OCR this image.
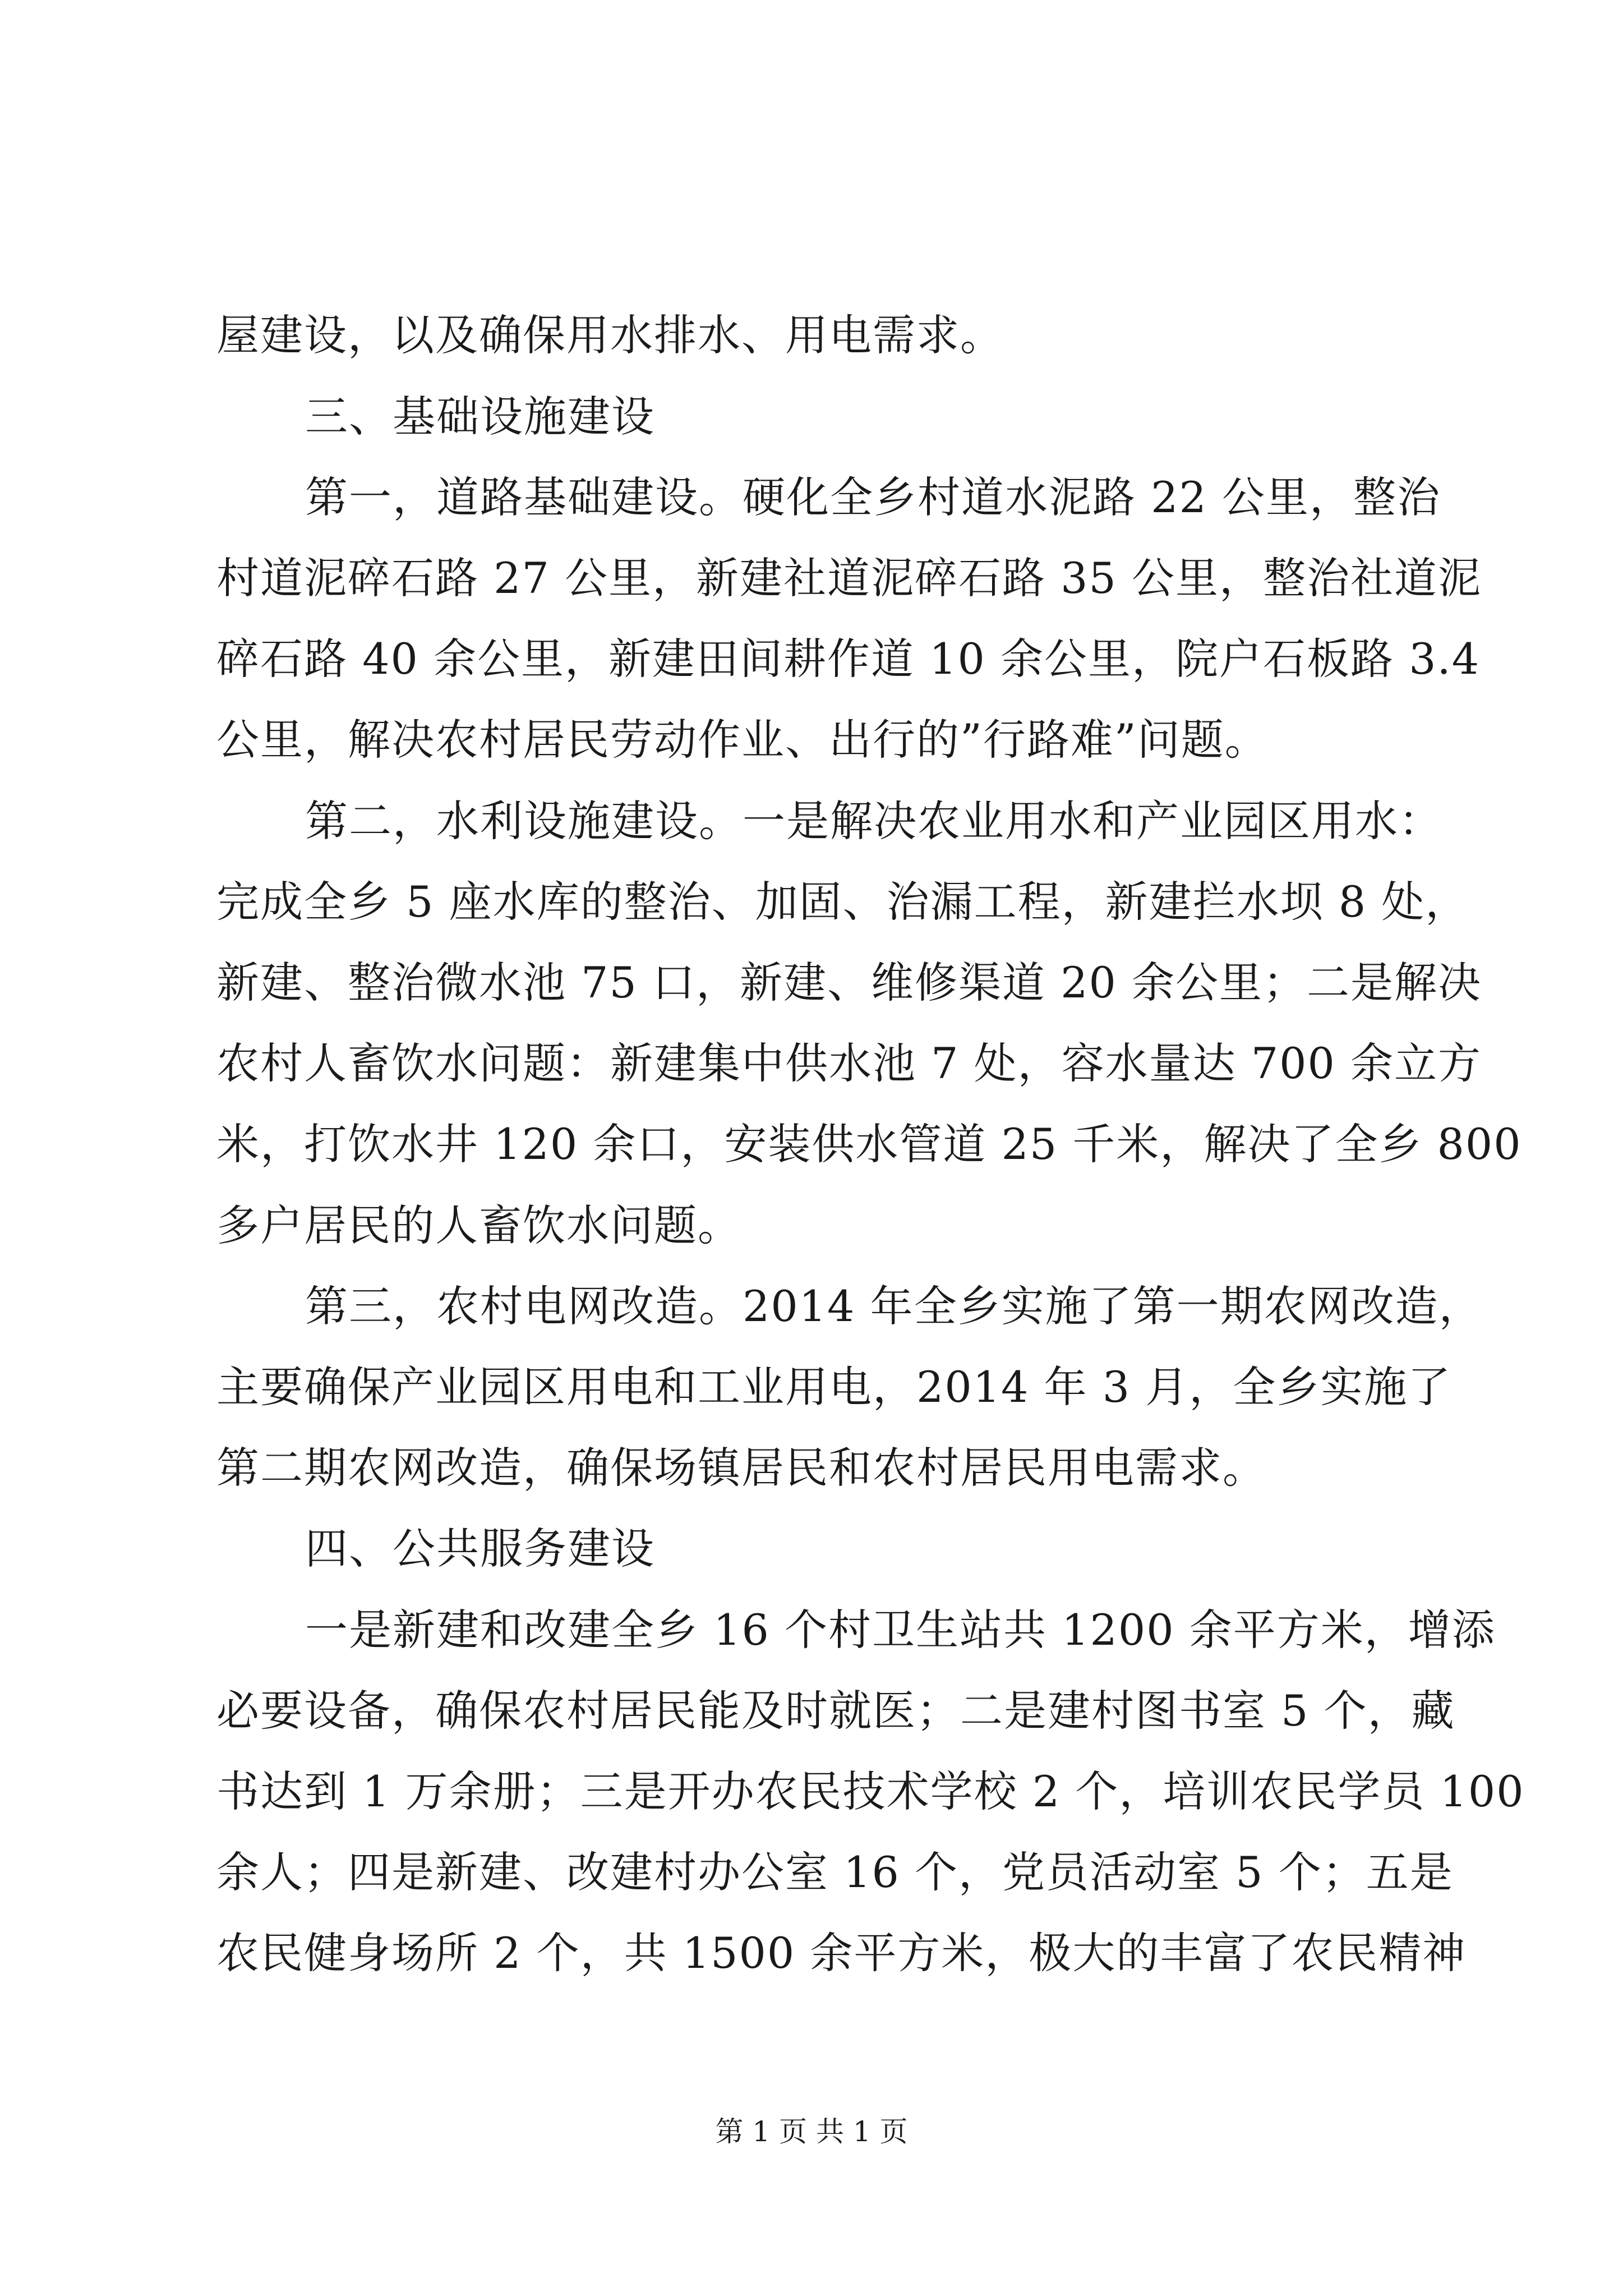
屋建设，以及确保用水排水、用电需求。
三、基础设施建设
第一，道路基础建设。硬化全乡村道水泥路 22 公里，整治
村道泥碎石路 27 公里，新建社道泥碎石路 35 公里，整治社道泥
碎石路 40 余公里，新建田间耕作道 10 余公里，院户石板路 3.4
公里，解决农村居民劳动作业、出行的”行路难”问题。
第二，水利设施建设。一是解决农业用水和产业园区用水：
完成全乡 5 座水库的整治、加固、治漏工程，新建拦水坝 8 处，
新建、整治微水池 75 口，新建、维修渠道 20 余公里；二是解决
农村人畜饮水问题：新建集中供水池 7 处，容水量达 700 余立方
米，打饮水井 120 余口，安装供水管道 25 千米，解决了全乡 800
多户居民的人畜饮水问题。
第三，农村电网改造。2014 年全乡实施了第一期农网改造，
主要确保产业园区用电和工业用电，2014 年 3 月，全乡实施了
第二期农网改造，确保场镇居民和农村居民用电需求。
四、公共服务建设
一是新建和改建全乡 16 个村卫生站共 1200 余平方米，增添
必要设备，确保农村居民能及时就医；二是建村图书室 5 个，藏
书达到 1 万余册；三是开办农民技术学校 2 个，培训农民学员 100
余人；四是新建、改建村办公室 16 个，党员活动室 5 个；五是
农民健身场所 2 个，共 1500 余平方米，极大的丰富了农民精神
第 1 页 共 1 页
